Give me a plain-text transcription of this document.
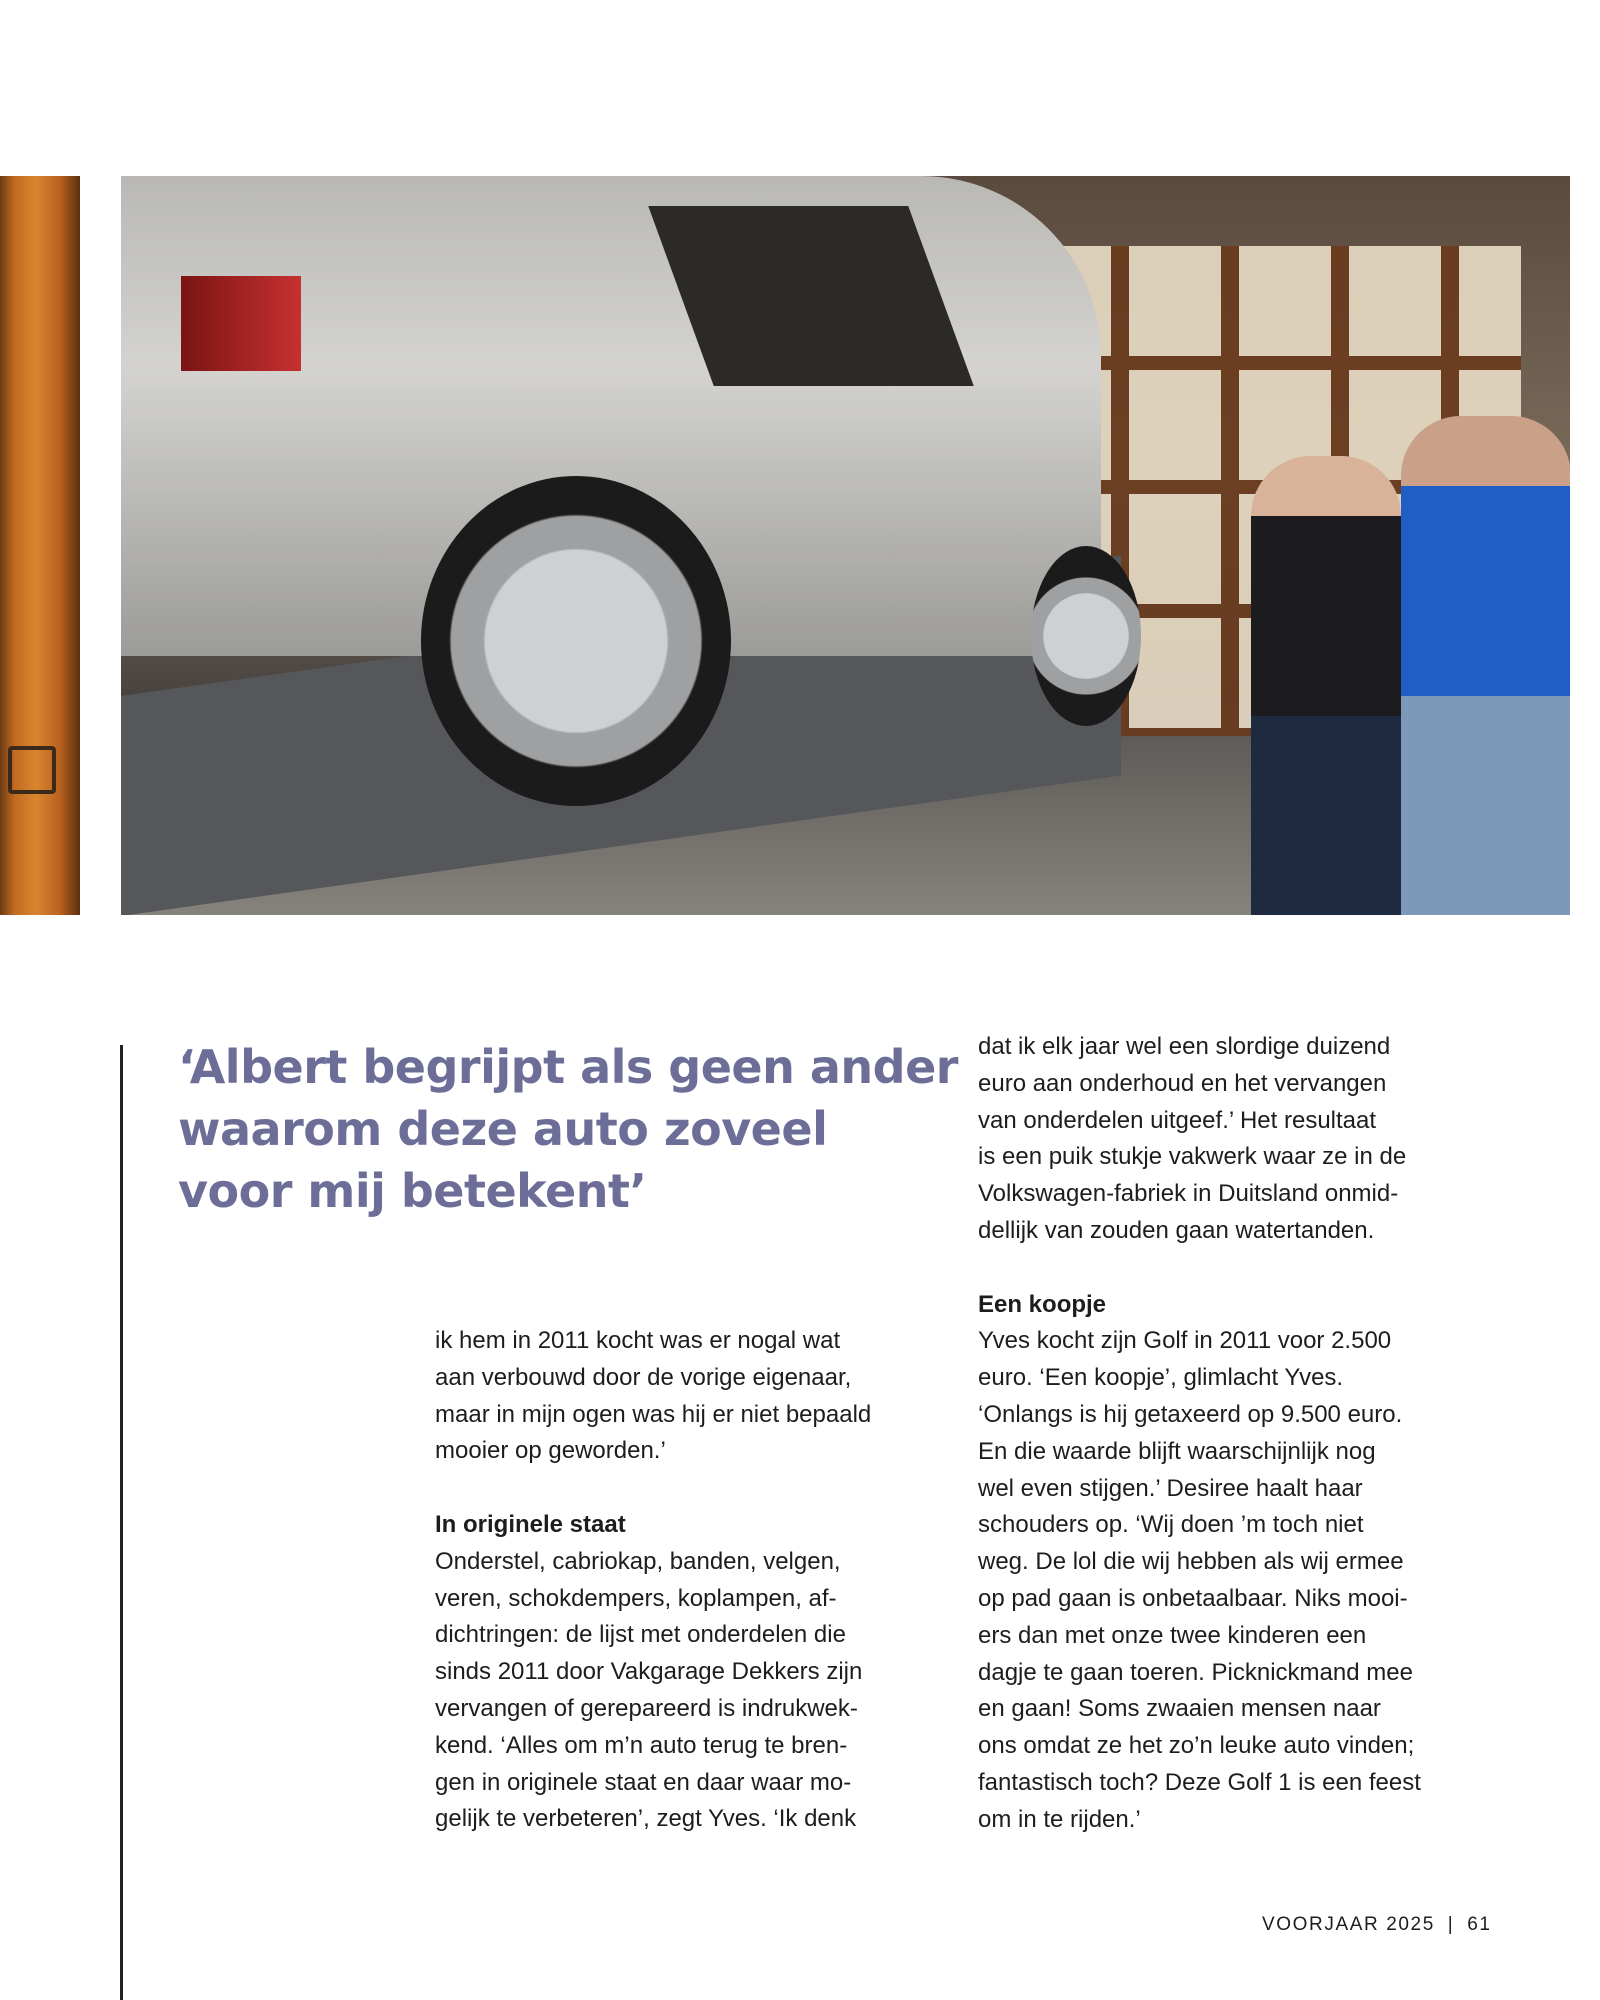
‘Albert begrijpt als geen ander
waarom deze auto zoveel
voor mij betekent’
ik hem in 2011 kocht was er nogal wat
aan verbouwd door de vorige eigenaar,
maar in mijn ogen was hij er niet bepaald
mooier op geworden.’
In originele staat
Onderstel, cabriokap, banden, velgen,
veren, schokdempers, koplampen, af-
dichtringen: de lijst met onderdelen die
sinds 2011 door Vakgarage Dekkers zijn
vervangen of gerepareerd is indrukwek-
kend. ‘Alles om m’n auto terug te bren-
gen in originele staat en daar waar mo-
gelijk te verbeteren’, zegt Yves. ‘Ik denk
dat ik elk jaar wel een slordige duizend
euro aan onderhoud en het vervangen
van onderdelen uitgeef.’ Het resultaat
is een puik stukje vakwerk waar ze in de
Volkswagen-fabriek in Duitsland onmid-
dellijk van zouden gaan watertanden.
Een koopje
Yves kocht zijn Golf in 2011 voor 2.500
euro. ‘Een koopje’, glimlacht Yves.
‘Onlangs is hij getaxeerd op 9.500 euro.
En die waarde blijft waarschijnlijk nog
wel even stijgen.’ Desiree haalt haar
schouders op. ‘Wij doen ’m toch niet
weg. De lol die wij hebben als wij ermee
op pad gaan is onbetaalbaar. Niks mooi-
ers dan met onze twee kinderen een
dagje te gaan toeren. Picknickmand mee
en gaan! Soms zwaaien mensen naar
ons omdat ze het zo’n leuke auto vinden;
fantastisch toch? Deze Golf 1 is een feest
om in te rijden.’
VOORJAAR 2025 | 61
